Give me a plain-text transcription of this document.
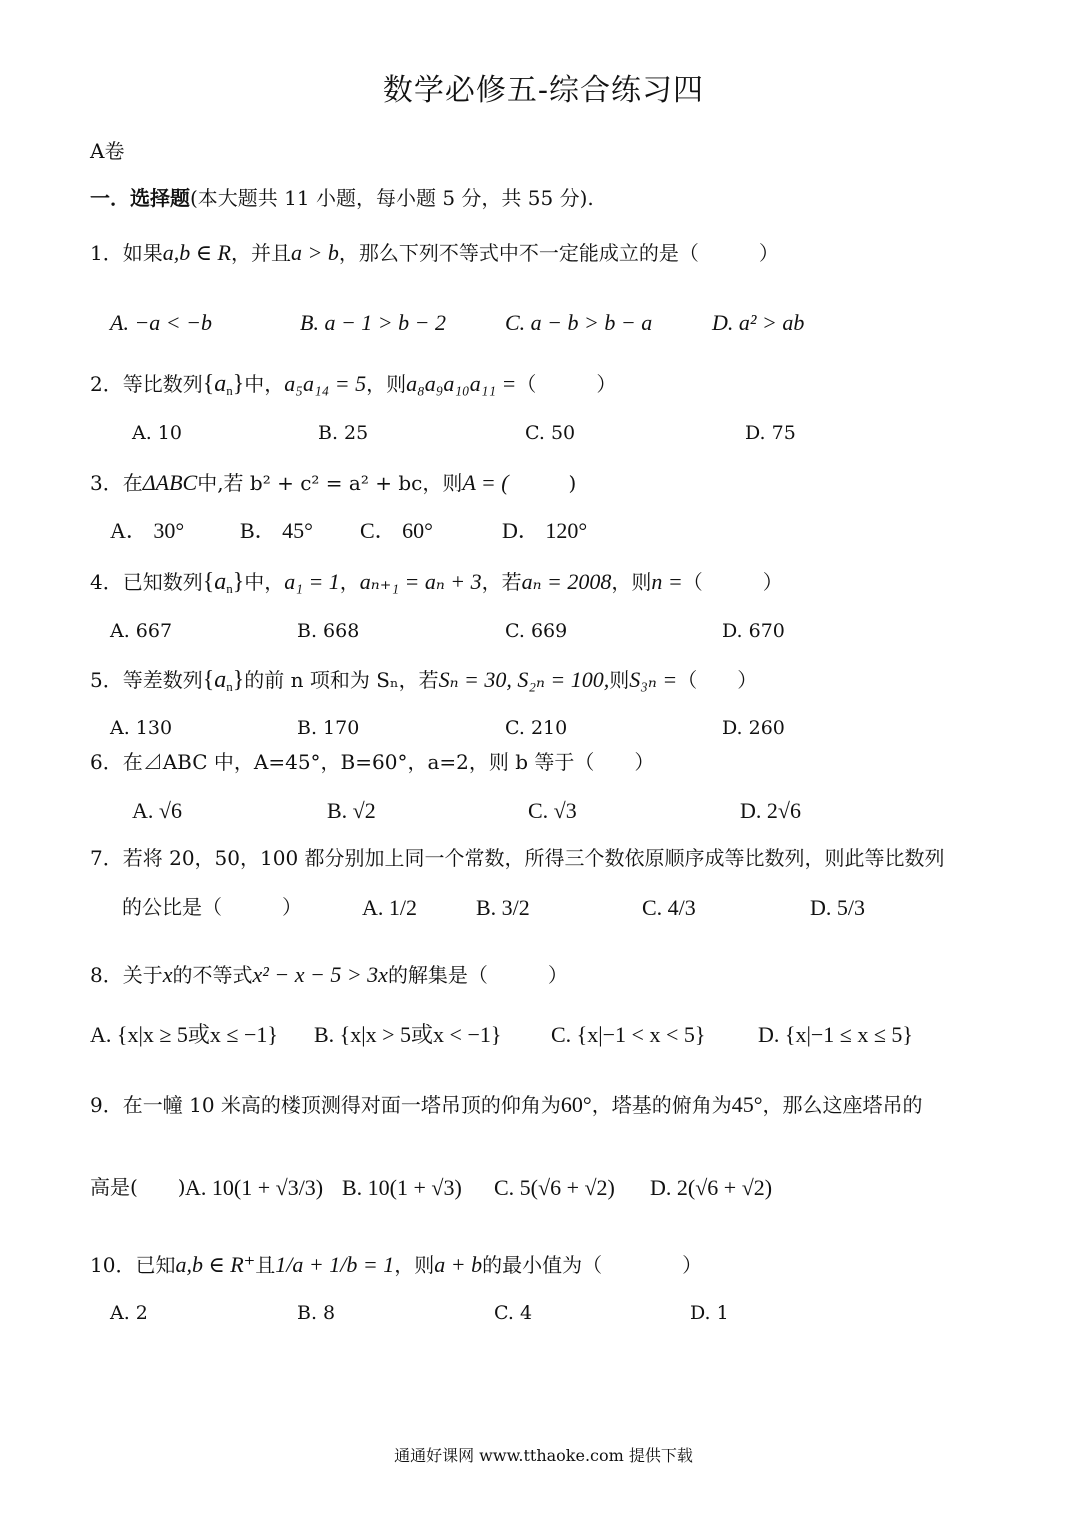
数学必修五-综合练习四
A卷
一．选择题(本大题共 11 小题，每小题 5 分，共 55 分).
1．如果a,b ∈ R，并且a > b，那么下列不等式中不一定能成立的是（　　　）
A. −a < −b	B. a − 1 > b − 2	C. a − b > b − a	D. a² > ab
2．等比数列$\{a_n\}$中，a₅a₁₄ = 5，则a₈a₉a₁₀a₁₁ =（　　　）
A. 10	B. 25	C. 50	D. 75
3．在ΔABC中,若 b² + c² = a² + bc，则A = (　　　)
A． 30°	B． 45° C． 60°	D． 120°
4．已知数列$\{a_n\}$中，a₁ = 1，aₙ₊₁ = aₙ + 3，若aₙ = 2008，则n =（　　　）
A. 667	B. 668	C. 669	D. 670
5．等差数列$\{a_n\}$的前 n 项和为 Sₙ，若Sₙ = 30, S₂ₙ = 100,则S₃ₙ =（　　）
A. 130	B. 170	C. 210	D. 260
6．在⊿ABC 中，A=45°，B=60°，a=2，则 b 等于（　　）
A. √6	B. √2	C. √3	D. 2√6
7．若将 20，50，100 都分别加上同一个常数，所得三个数依原顺序成等比数列，则此等比数列
的公比是（　　　）	A. 1/2	B. 3/2	C. 4/3	D. 5/3
8．关于x的不等式x² − x − 5 > 3x的解集是（　　　）
A. {x|x ≥ 5或x ≤ −1} B. {x|x > 5或x < −1} C. {x|−1 < x < 5} D. {x|−1 ≤ x ≤ 5}
9．在一幢 10 米高的楼顶测得对面一塔吊顶的仰角为60°，塔基的俯角为45°，那么这座塔吊的
高是(　　) A. 10(1 + √3/3) B. 10(1 + √3) C. 5(√6 + √2) D. 2(√6 + √2)
10．已知a,b ∈ R⁺且1/a + 1/b = 1，则a + b的最小值为（　　　　）
A. 2	B. 8	C. 4	D. 1
通通好课网 www.tthaoke.com 提供下载
